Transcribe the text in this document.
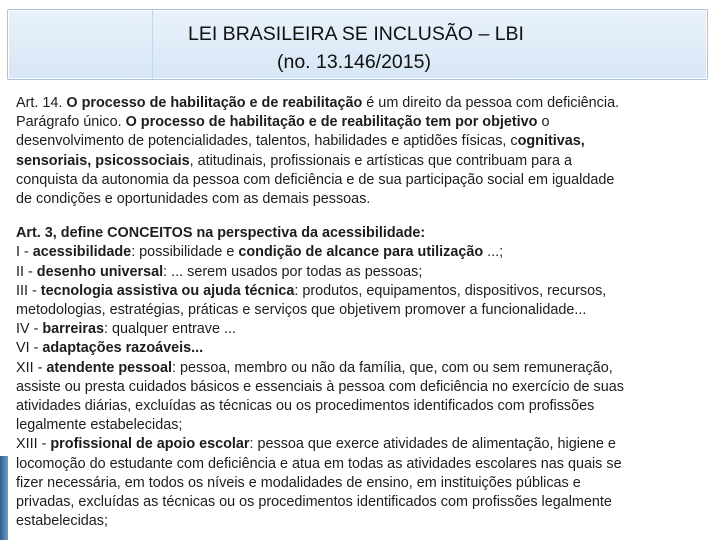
LEI BRASILEIRA SE INCLUSÃO – LBI
(no. 13.146/2015)
Art. 14. O processo de habilitação e de reabilitação é um direito da pessoa com deficiência.
Parágrafo único. O processo de habilitação e de reabilitação tem por objetivo o
desenvolvimento de potencialidades, talentos, habilidades e aptidões físicas, cognitivas,
sensoriais, psicossociais, atitudinais, profissionais e artísticas que contribuam para a
conquista da autonomia da pessoa com deficiência e de sua participação social em igualdade
de condições e oportunidades com as demais pessoas.
Art. 3, define CONCEITOS na perspectiva da acessibilidade:
I - acessibilidade: possibilidade e condição de alcance para utilização ...;
II - desenho universal: ... serem usados por todas as pessoas;
III - tecnologia assistiva ou ajuda técnica: produtos, equipamentos, dispositivos, recursos,
metodologias, estratégias, práticas e serviços que objetivem promover a funcionalidade...
IV - barreiras: qualquer entrave ...
VI - adaptações razoáveis...
XII - atendente pessoal: pessoa, membro ou não da família, que, com ou sem remuneração,
assiste ou presta cuidados básicos e essenciais à pessoa com deficiência no exercício de suas
atividades diárias, excluídas as técnicas ou os procedimentos identificados com profissões
legalmente estabelecidas;
XIII - profissional de apoio escolar: pessoa que exerce atividades de alimentação, higiene e
locomoção do estudante com deficiência e atua em todas as atividades escolares nas quais se
fizer necessária, em todos os níveis e modalidades de ensino, em instituições públicas e
privadas, excluídas as técnicas ou os procedimentos identificados com profissões legalmente
estabelecidas;
